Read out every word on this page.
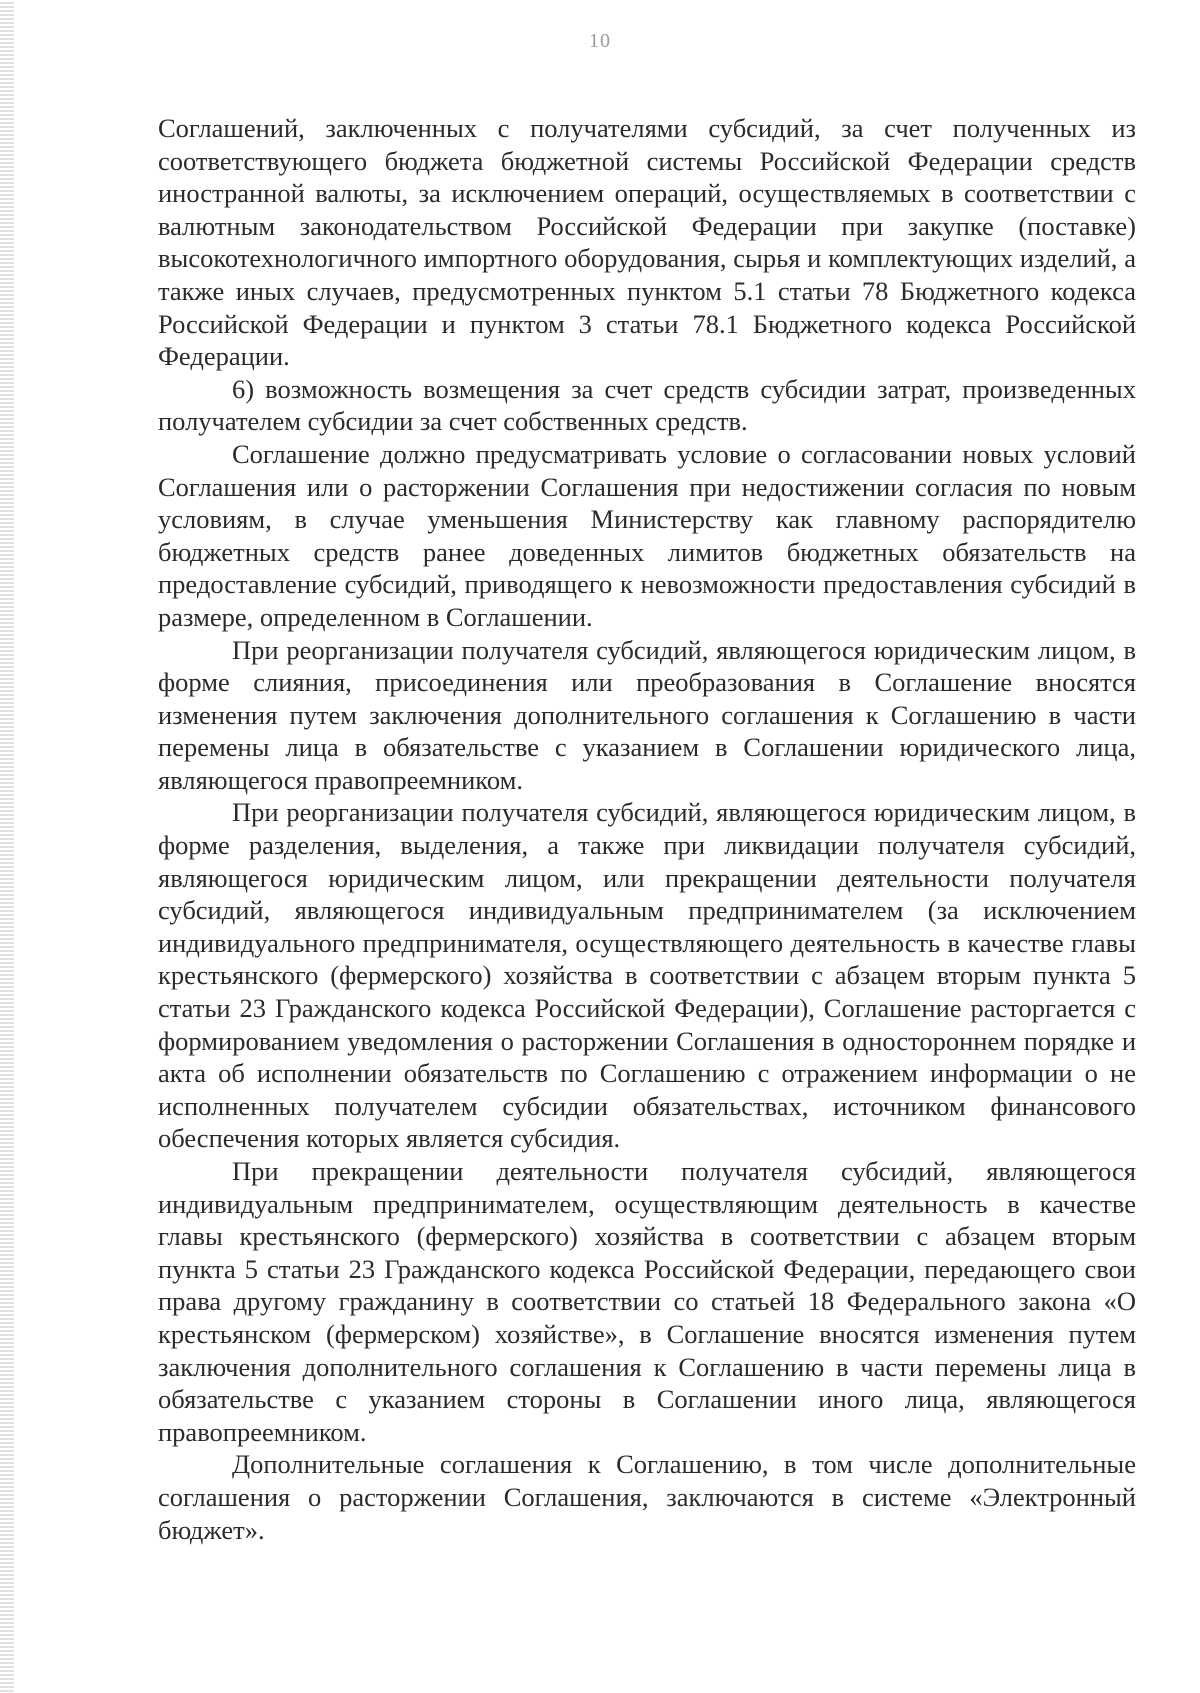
10

Соглашений, заключенных с получателями субсидий, за счет полученных из соответствующего бюджета бюджетной системы Российской Федерации средств иностранной валюты, за исключением операций, осуществляемых в соответствии с валютным законодательством Российской Федерации при закупке (поставке) высокотехнологичного импортного оборудования, сырья и комплектующих изделий, а также иных случаев, предусмотренных пунктом 5.1 статьи 78 Бюджетного кодекса Российской Федерации и пунктом 3 статьи 78.1 Бюджетного кодекса Российской Федерации.

6) возможность возмещения за счет средств субсидии затрат, произведенных получателем субсидии за счет собственных средств.

Соглашение должно предусматривать условие о согласовании новых условий Соглашения или о расторжении Соглашения при недостижении согласия по новым условиям, в случае уменьшения Министерству как главному распорядителю бюджетных средств ранее доведенных лимитов бюджетных обязательств на предоставление субсидий, приводящего к невозможности предоставления субсидий в размере, определенном в Соглашении.

При реорганизации получателя субсидий, являющегося юридическим лицом, в форме слияния, присоединения или преобразования в Соглашение вносятся изменения путем заключения дополнительного соглашения к Соглашению в части перемены лица в обязательстве с указанием в Соглашении юридического лица, являющегося правопреемником.

При реорганизации получателя субсидий, являющегося юридическим лицом, в форме разделения, выделения, а также при ликвидации получателя субсидий, являющегося юридическим лицом, или прекращении деятельности получателя субсидий, являющегося индивидуальным предпринимателем (за исключением индивидуального предпринимателя, осуществляющего деятельность в качестве главы крестьянского (фермерского) хозяйства в соответствии с абзацем вторым пункта 5 статьи 23 Гражданского кодекса Российской Федерации), Соглашение расторгается с формированием уведомления о расторжении Соглашения в одностороннем порядке и акта об исполнении обязательств по Соглашению с отражением информации о не исполненных получателем субсидии обязательствах, источником финансового обеспечения которых является субсидия.

При прекращении деятельности получателя субсидий, являющегося индивидуальным предпринимателем, осуществляющим деятельность в качестве главы крестьянского (фермерского) хозяйства в соответствии с абзацем вторым пункта 5 статьи 23 Гражданского кодекса Российской Федерации, передающего свои права другому гражданину в соответствии со статьей 18 Федерального закона «О крестьянском (фермерском) хозяйстве», в Соглашение вносятся изменения путем заключения дополнительного соглашения к Соглашению в части перемены лица в обязательстве с указанием стороны в Соглашении иного лица, являющегося правопреемником.

Дополнительные соглашения к Соглашению, в том числе дополнительные соглашения о расторжении Соглашения, заключаются в системе «Электронный бюджет».
